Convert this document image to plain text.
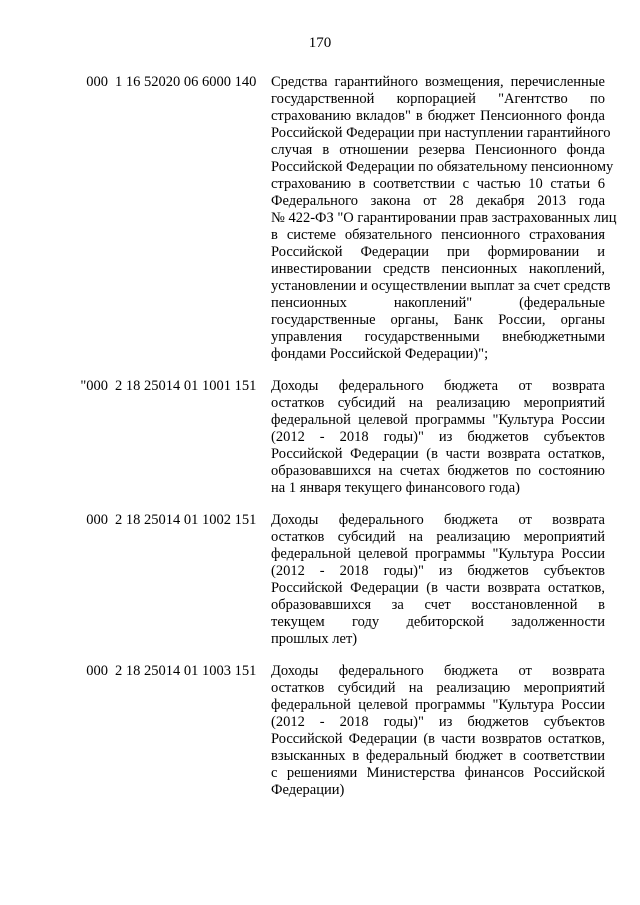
170
000 1 16 52020 06 6000 140 Средства гарантийного возмещения, перечисленные
государственной корпорацией "Агентство по
страхованию вкладов" в бюджет Пенсионного фонда
Российской Федерации при наступлении гарантийного
случая в отношении резерва Пенсионного фонда
Российской Федерации по обязательному пенсионному
страхованию в соответствии с частью 10 статьи 6
Федерального закона от 28 декабря 2013 года
№ 422-ФЗ "О гарантировании прав застрахованных лиц
в системе обязательного пенсионного страхования
Российской Федерации при формировании и
инвестировании средств пенсионных накоплений,
установлении и осуществлении выплат за счет средств
пенсионных накоплений" (федеральные
государственные органы, Банк России, органы
управления государственными внебюджетными
фондами Российской Федерации)";
"000 2 18 25014 01 1001 151 Доходы федерального бюджета от возврата
остатков субсидий на реализацию мероприятий
федеральной целевой программы "Культура России
(2012 - 2018 годы)" из бюджетов субъектов
Российской Федерации (в части возврата остатков,
образовавшихся на счетах бюджетов по состоянию
на 1 января текущего финансового года)
000 2 18 25014 01 1002 151 Доходы федерального бюджета от возврата
остатков субсидий на реализацию мероприятий
федеральной целевой программы "Культура России
(2012 - 2018 годы)" из бюджетов субъектов
Российской Федерации (в части возврата остатков,
образовавшихся за счет восстановленной в
текущем году дебиторской задолженности
прошлых лет)
000 2 18 25014 01 1003 151 Доходы федерального бюджета от возврата
остатков субсидий на реализацию мероприятий
федеральной целевой программы "Культура России
(2012 - 2018 годы)" из бюджетов субъектов
Российской Федерации (в части возвратов остатков,
взысканных в федеральный бюджет в соответствии
с решениями Министерства финансов Российской
Федерации)
